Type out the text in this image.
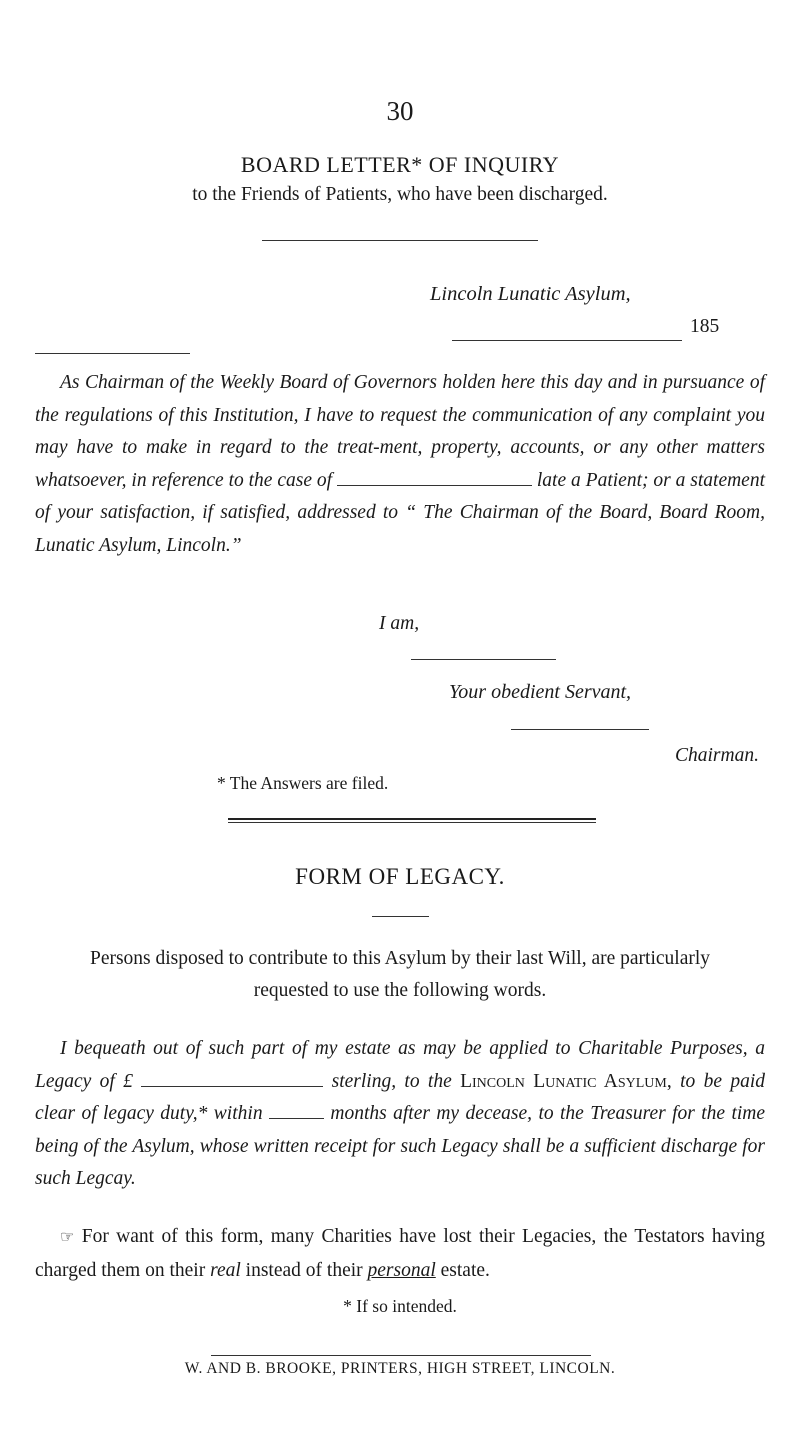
30
BOARD LETTER* OF INQUIRY
to the Friends of Patients, who have been discharged.
Lincoln Lunatic Asylum,
185
As Chairman of the Weekly Board of Governors holden here this day and in pursuance of the regulations of this Institution, I have to request the communication of any complaint you may have to make in regard to the treat-ment, property, accounts, or any other matters whatsoever, in reference to the case of	late a Patient; or a statement of your satisfaction, if satisfied, addressed to “ The Chairman of the Board, Board Room, Lunatic Asylum, Lincoln.”
I am,
Your obedient Servant,
Chairman.
* The Answers are filed.
FORM OF LEGACY.
Persons disposed to contribute to this Asylum by their last Will, are particularly requested to use the following words.
I bequeath out of such part of my estate as may be applied to Charitable Purposes, a Legacy of £	sterling, to the Lincoln Lunatic Asylum, to be paid clear of legacy duty,* within	months after my decease, to the Treasurer for the time being of the Asylum, whose written receipt for such Legacy shall be a sufficient discharge for such Legcay.
☞ For want of this form, many Charities have lost their Legacies, the Testators having charged them on their real instead of their personal estate.
* If so intended.
W. AND B. BROOKE, PRINTERS, HIGH STREET, LINCOLN.
